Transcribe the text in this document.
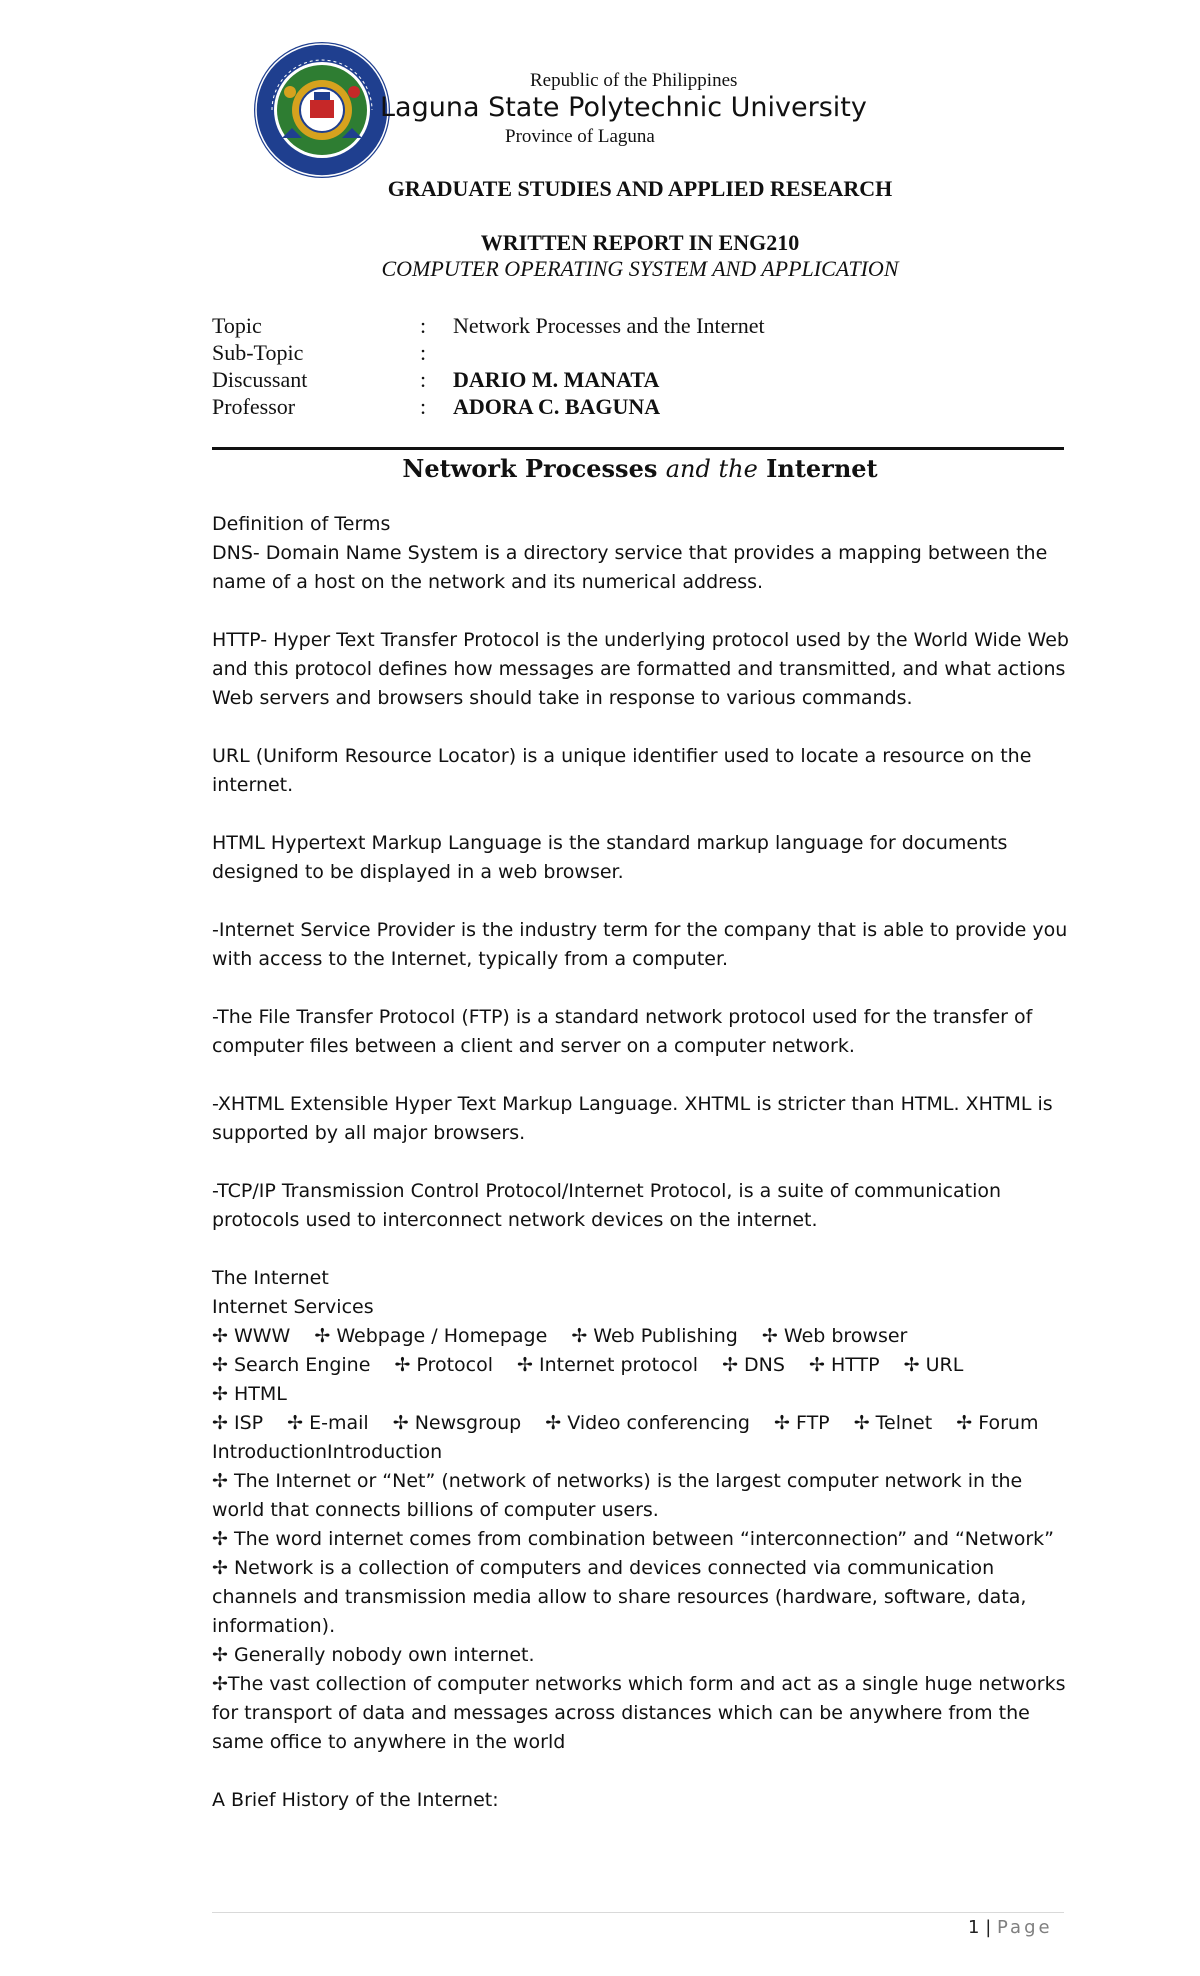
Republic of the Philippines
Laguna State Polytechnic University
Province of Laguna
GRADUATE STUDIES AND APPLIED RESEARCH
WRITTEN REPORT IN ENG210
COMPUTER OPERATING SYSTEM AND APPLICATION
Topic	: Network Processes and the Internet
Sub-Topic	:
Discussant	: DARIO M. MANATA
Professor	: ADORA C. BAGUNA
Network Processes and the Internet

Definition of Terms

DNS- Domain Name System is a directory service that provides a mapping between the name of a host on the network and its numerical address.

HTTP- Hyper Text Transfer Protocol is the underlying protocol used by the World Wide Web and this protocol defines how messages are formatted and transmitted, and what actions Web servers and browsers should take in response to various commands.

URL (Uniform Resource Locator) is a unique identifier used to locate a resource on the internet.

HTML Hypertext Markup Language is the standard markup language for documents designed to be displayed in a web browser.

-Internet Service Provider is the industry term for the company that is able to provide you with access to the Internet, typically from a computer.

-The File Transfer Protocol (FTP) is a standard network protocol used for the transfer of computer files between a client and server on a computer network.

-XHTML Extensible Hyper Text Markup Language. XHTML is stricter than HTML. XHTML is supported by all major browsers.

-TCP/IP Transmission Control Protocol/Internet Protocol, is a suite of communication protocols used to interconnect network devices on the internet.

The Internet

Internet Services

✢ WWW ✢ Webpage / Homepage ✢ Web Publishing ✢ Web browser

✢ Search Engine ✢ Protocol ✢ Internet protocol ✢ DNS ✢ HTTP ✢ URL ✢ HTML

✢ ISP ✢ E-mail ✢ Newsgroup ✢ Video conferencing ✢ FTP ✢ Telnet ✢ Forum

IntroductionIntroduction

✢ The Internet or “Net” (network of networks) is the largest computer network in the world that connects billions of computer users.

✢ The word internet comes from combination between “interconnection” and “Network” ✢ Network is a collection of computers and devices connected via communication channels and transmission media allow to share resources (hardware, software, data, information).

✢ Generally nobody own internet.

✢The vast collection of computer networks which form and act as a single huge networks for transport of data and messages across distances which can be anywhere from the same office to anywhere in the world

A Brief History of the Internet:

1 | Page
